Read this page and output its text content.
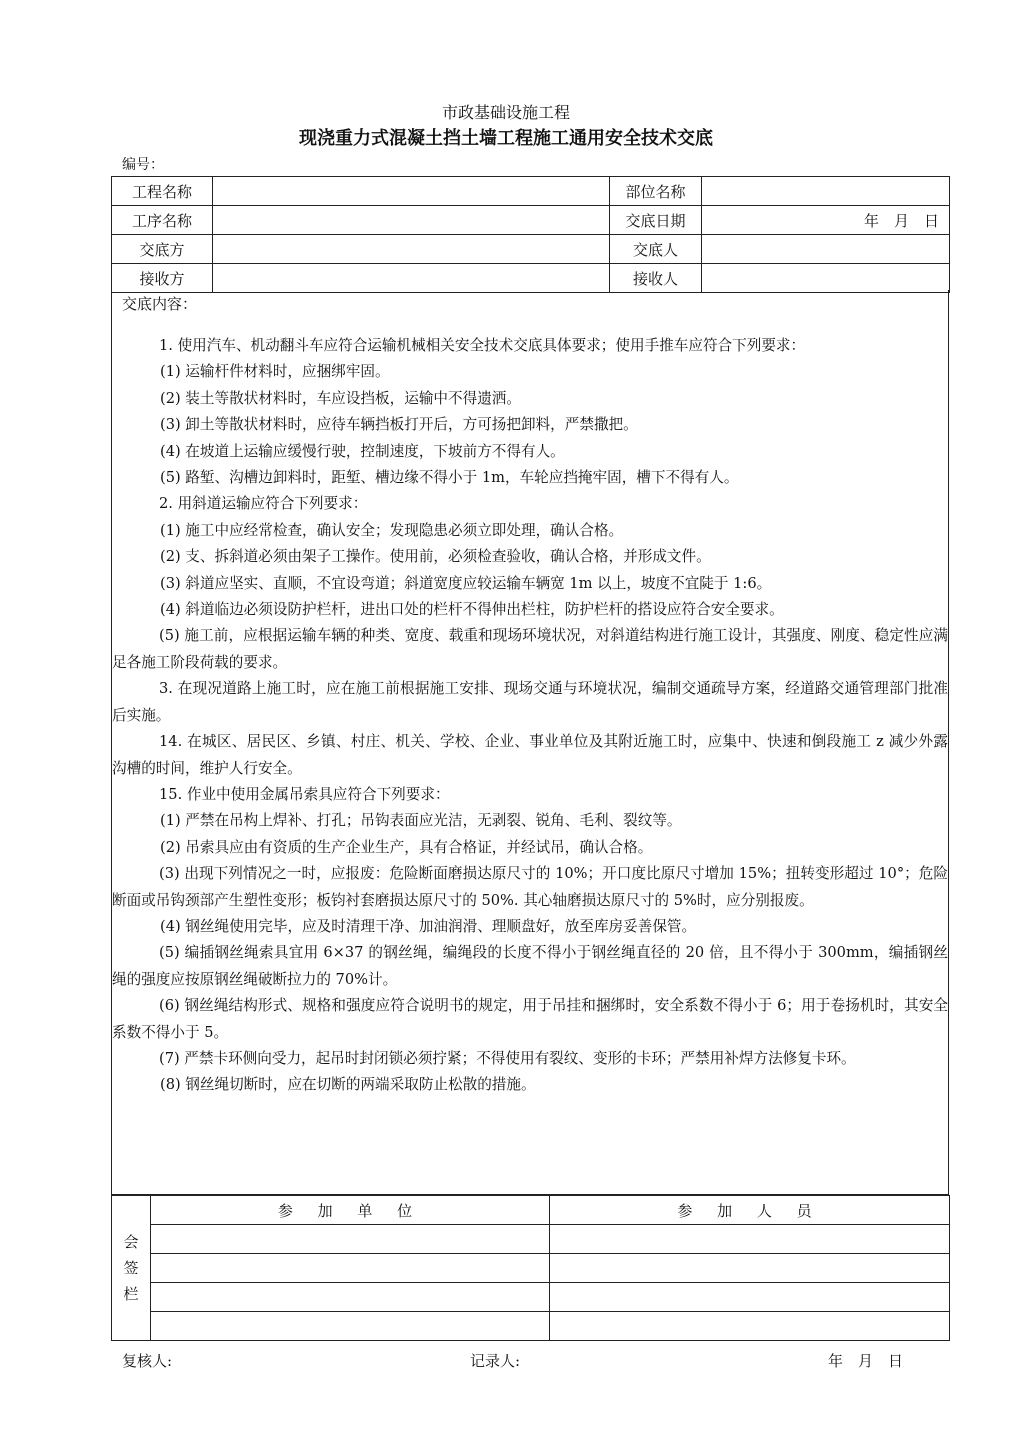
市政基础设施工程
现浇重力式混凝土挡土墙工程施工通用安全技术交底
编号：
工程名称		部位名称	
工序名称		交底日期	年　月　日
交底方		交底人	
接收方		接收人	
交底内容：

1. 使用汽车、机动翻斗车应符合运输机械相关安全技术交底具体要求；使用手推车应符合下列要求：

(1) 运输杆件材料时，应捆绑牢固。

(2) 装土等散状材料时，车应设挡板，运输中不得遗洒。

(3) 卸土等散状材料时，应待车辆挡板打开后，方可扬把卸料，严禁撒把。

(4) 在坡道上运输应缓慢行驶，控制速度，下坡前方不得有人。

(5) 路堑、沟槽边卸料时，距堑、槽边缘不得小于 1m，车轮应挡掩牢固，槽下不得有人。

2. 用斜道运输应符合下列要求：

(1) 施工中应经常检查，确认安全；发现隐患必须立即处理，确认合格。

(2) 支、拆斜道必须由架子工操作。使用前，必须检查验收，确认合格，并形成文件。

(3) 斜道应坚实、直顺，不宜设弯道；斜道宽度应较运输车辆宽 1m 以上，坡度不宜陡于 1:6。

(4) 斜道临边必须设防护栏杆，进出口处的栏杆不得伸出栏柱，防护栏杆的搭设应符合安全要求。

(5) 施工前，应根据运输车辆的种类、宽度、载重和现场环境状况，对斜道结构进行施工设计，其强度、刚度、稳定性应满足各施工阶段荷载的要求。

3. 在现况道路上施工时，应在施工前根据施工安排、现场交通与环境状况，编制交通疏导方案，经道路交通管理部门批准后实施。

14. 在城区、居民区、乡镇、村庄、机关、学校、企业、事业单位及其附近施工时，应集中、快速和倒段施工 z 减少外露沟槽的时间，维护人行安全。

15. 作业中使用金属吊索具应符合下列要求：

(1) 严禁在吊构上焊补、打孔；吊钩表面应光洁，无剥裂、锐角、毛利、裂纹等。

(2) 吊索具应由有资质的生产企业生产，具有合格证，并经试吊，确认合格。

(3) 出现下列情况之一时，应报废：危险断面磨损达原尺寸的 10%；开口度比原尺寸增加 15%；扭转变形超过 10°；危险断面或吊钩颈部产生塑性变形；板钧衬套磨损达原尺寸的 50%. 其心轴磨损达原尺寸的 5%时，应分别报废。

(4) 钢丝绳使用完毕，应及时清理干净、加油润滑、理顺盘好，放至库房妥善保管。

(5) 编插钢丝绳索具宜用 6×37 的钢丝绳，编绳段的长度不得小于钢丝绳直径的 20 倍，且不得小于 300mm，编插钢丝绳的强度应按原钢丝绳破断拉力的 70%计。

(6) 钢丝绳结构形式、规格和强度应符合说明书的规定，用于吊挂和捆绑时，安全系数不得小于 6；用于卷扬机时，其安全系数不得小于 5。

(7) 严禁卡环侧向受力，起吊时封闭锁必须拧紧；不得使用有裂纹、变形的卡环；严禁用补焊方法修复卡环。

(8) 钢丝绳切断时，应在切断的两端采取防止松散的措施。

会签栏	参 加 单 位	参 加 人 员

复核人:	记录人:	年　月　日
